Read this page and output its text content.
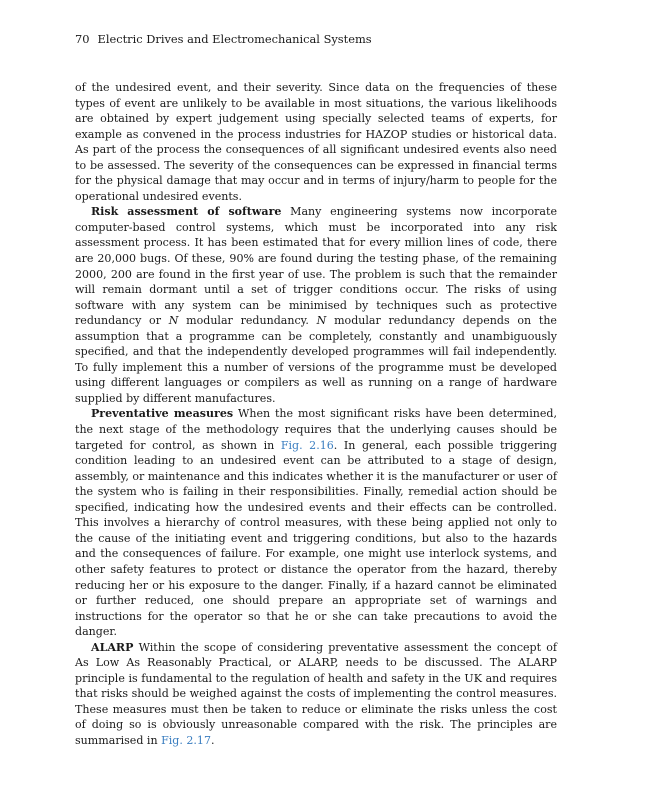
70 Electric Drives and Electromechanical Systems

of the undesired event, and their severity. Since data on the frequencies of these types of event are unlikely to be available in most situations, the various likelihoods are obtained by expert judgement using specially selected teams of experts, for example as convened in the process industries for HAZOP studies or historical data. As part of the process the consequences of all significant undesired events also need to be assessed. The severity of the consequences can be expressed in financial terms for the physical damage that may occur and in terms of injury/harm to people for the operational undesired events.

Risk assessment of software Many engineering systems now incorporate computer-based control systems, which must be incorporated into any risk assessment process. It has been estimated that for every million lines of code, there are 20,000 bugs. Of these, 90% are found during the testing phase, of the remaining 2000, 200 are found in the first year of use. The problem is such that the remainder will remain dormant until a set of trigger conditions occur. The risks of using software with any system can be minimised by techniques such as protective redundancy or N modular redundancy. N modular redundancy depends on the assumption that a programme can be completely, constantly and unambiguously specified, and that the independently developed programmes will fail independently. To fully implement this a number of versions of the programme must be developed using different languages or compilers as well as running on a range of hardware supplied by different manufactures.

Preventative measures When the most significant risks have been determined, the next stage of the methodology requires that the underlying causes should be targeted for control, as shown in Fig. 2.16. In general, each possible triggering condition leading to an undesired event can be attributed to a stage of design, assembly, or maintenance and this indicates whether it is the manufacturer or user of the system who is failing in their responsibilities. Finally, remedial action should be specified, indicating how the undesired events and their effects can be controlled. This involves a hierarchy of control measures, with these being applied not only to the cause of the initiating event and triggering conditions, but also to the hazards and the consequences of failure. For example, one might use interlock systems, and other safety features to protect or distance the operator from the hazard, thereby reducing her or his exposure to the danger. Finally, if a hazard cannot be eliminated or further reduced, one should prepare an appropriate set of warnings and instructions for the operator so that he or she can take precautions to avoid the danger.

ALARP Within the scope of considering preventative assessment the concept of As Low As Reasonably Practical, or ALARP, needs to be discussed. The ALARP principle is fundamental to the regulation of health and safety in the UK and requires that risks should be weighed against the costs of implementing the control measures. These measures must then be taken to reduce or eliminate the risks unless the cost of doing so is obviously unreasonable compared with the risk. The principles are summarised in Fig. 2.17.
